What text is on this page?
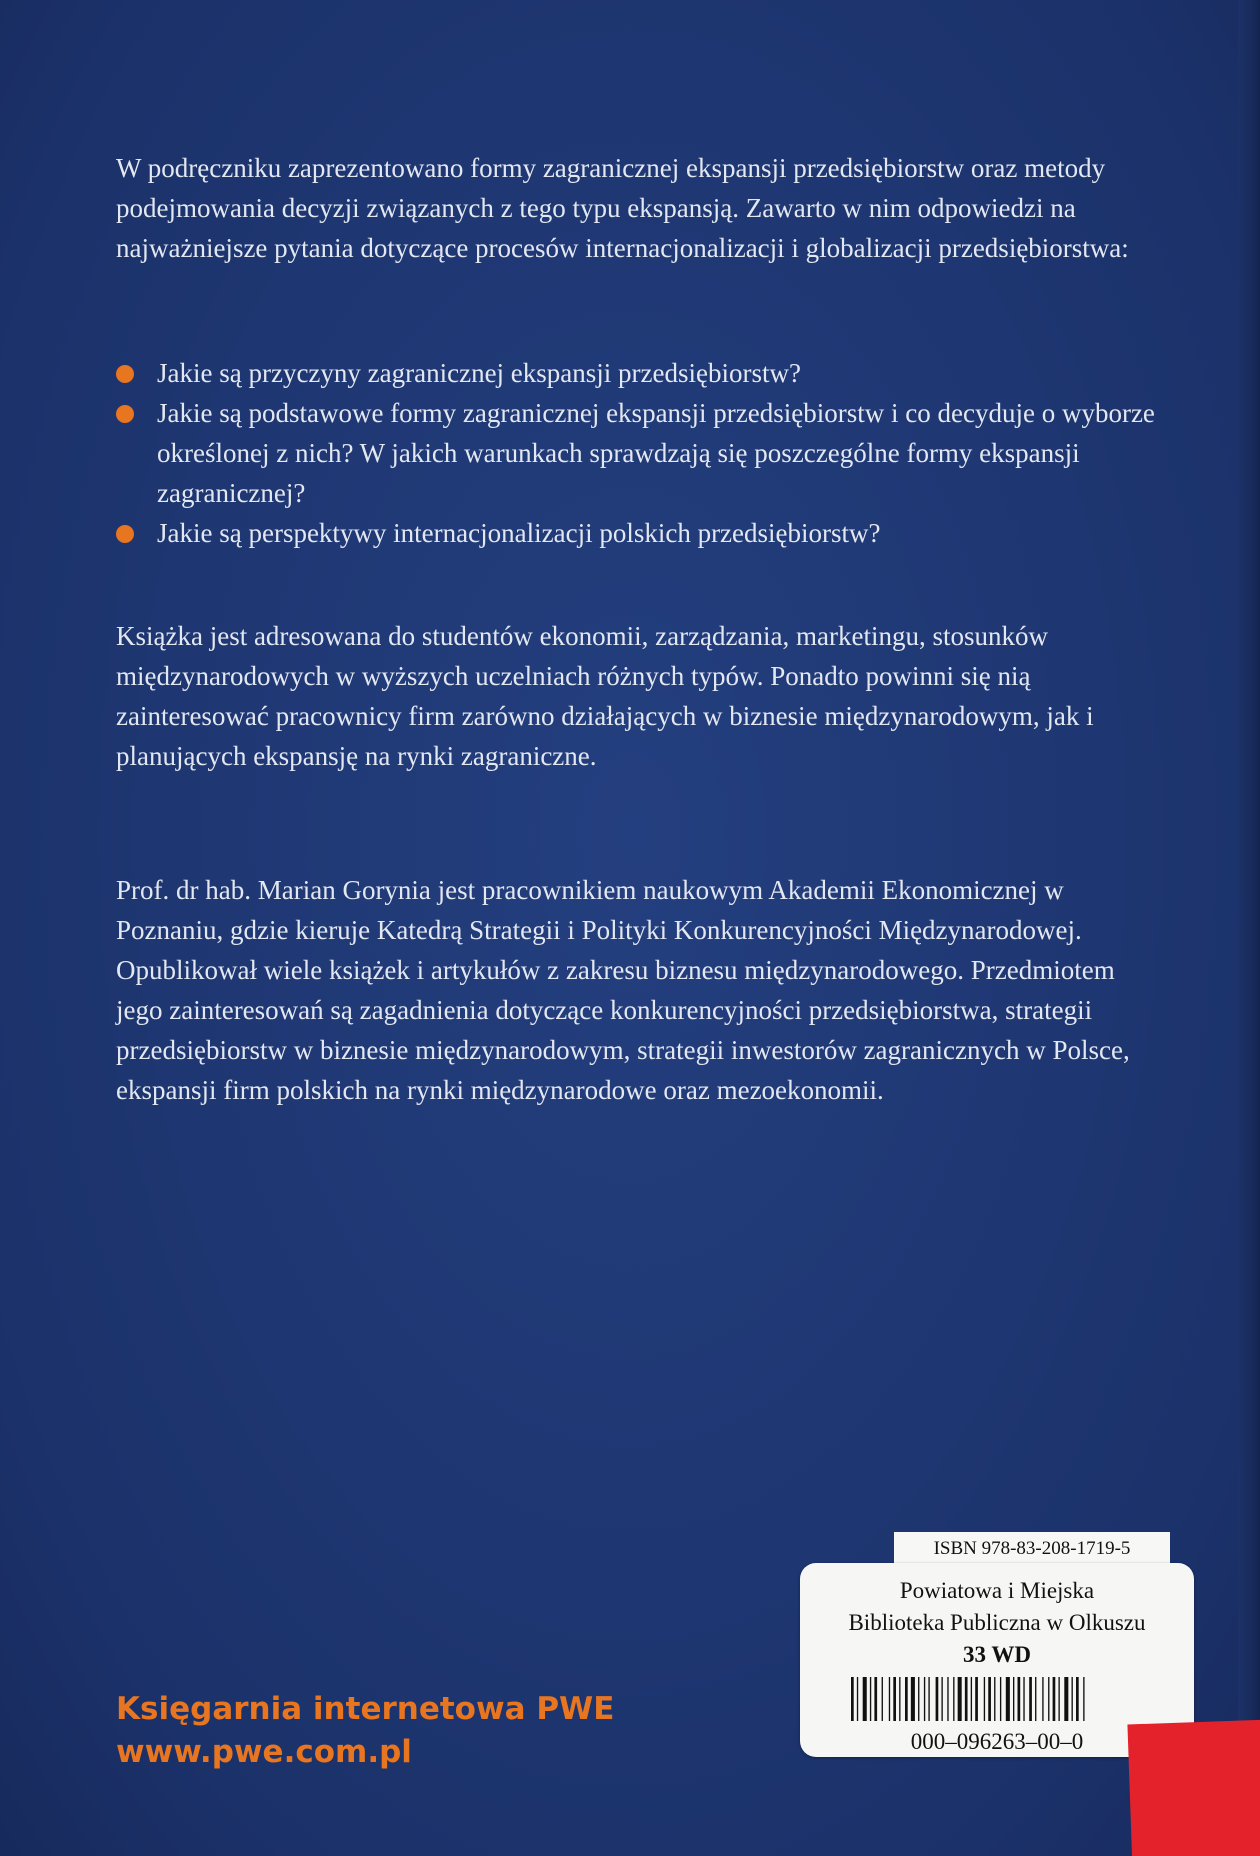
W podręczniku zaprezentowano formy zagranicznej ekspansji przedsiębiorstw oraz metody podejmowania decyzji związanych z tego typu ekspansją. Zawarto w nim odpowiedzi na najważniejsze pytania dotyczące procesów internacjonalizacji i globalizacji przedsiębiorstwa:

Jakie są przyczyny zagranicznej ekspansji przedsiębiorstw?
Jakie są podstawowe formy zagranicznej ekspansji przedsiębiorstw i co decyduje o wyborze określonej z nich? W jakich warunkach sprawdzają się poszczególne formy ekspansji zagranicznej?
Jakie są perspektywy internacjonalizacji polskich przedsiębiorstw?

Książka jest adresowana do studentów ekonomii, zarządzania, marketingu, stosunków międzynarodowych w wyższych uczelniach różnych typów. Ponadto powinni się nią zainteresować pracownicy firm zarówno działających w biznesie międzynarodowym, jak i planujących ekspansję na rynki zagraniczne.

Prof. dr hab. Marian Gorynia jest pracownikiem naukowym Akademii Ekonomicznej w Poznaniu, gdzie kieruje Katedrą Strategii i Polityki Konkurencyjności Międzynarodowej. Opublikował wiele książek i artykułów z zakresu biznesu międzynarodowego. Przedmiotem jego zainteresowań są zagadnienia dotyczące konkurencyjności przedsiębiorstwa, strategii przedsiębiorstw w biznesie międzynarodowym, strategii inwestorów zagranicznych w Polsce, ekspansji firm polskich na rynki międzynarodowe oraz mezoekonomii.

Księgarnia internetowa PWE
www.pwe.com.pl
ISBN 978-83-208-1719-5
Powiatowa i Miejska
Biblioteka Publiczna w Olkuszu
33 WD
000–096263–00–0
